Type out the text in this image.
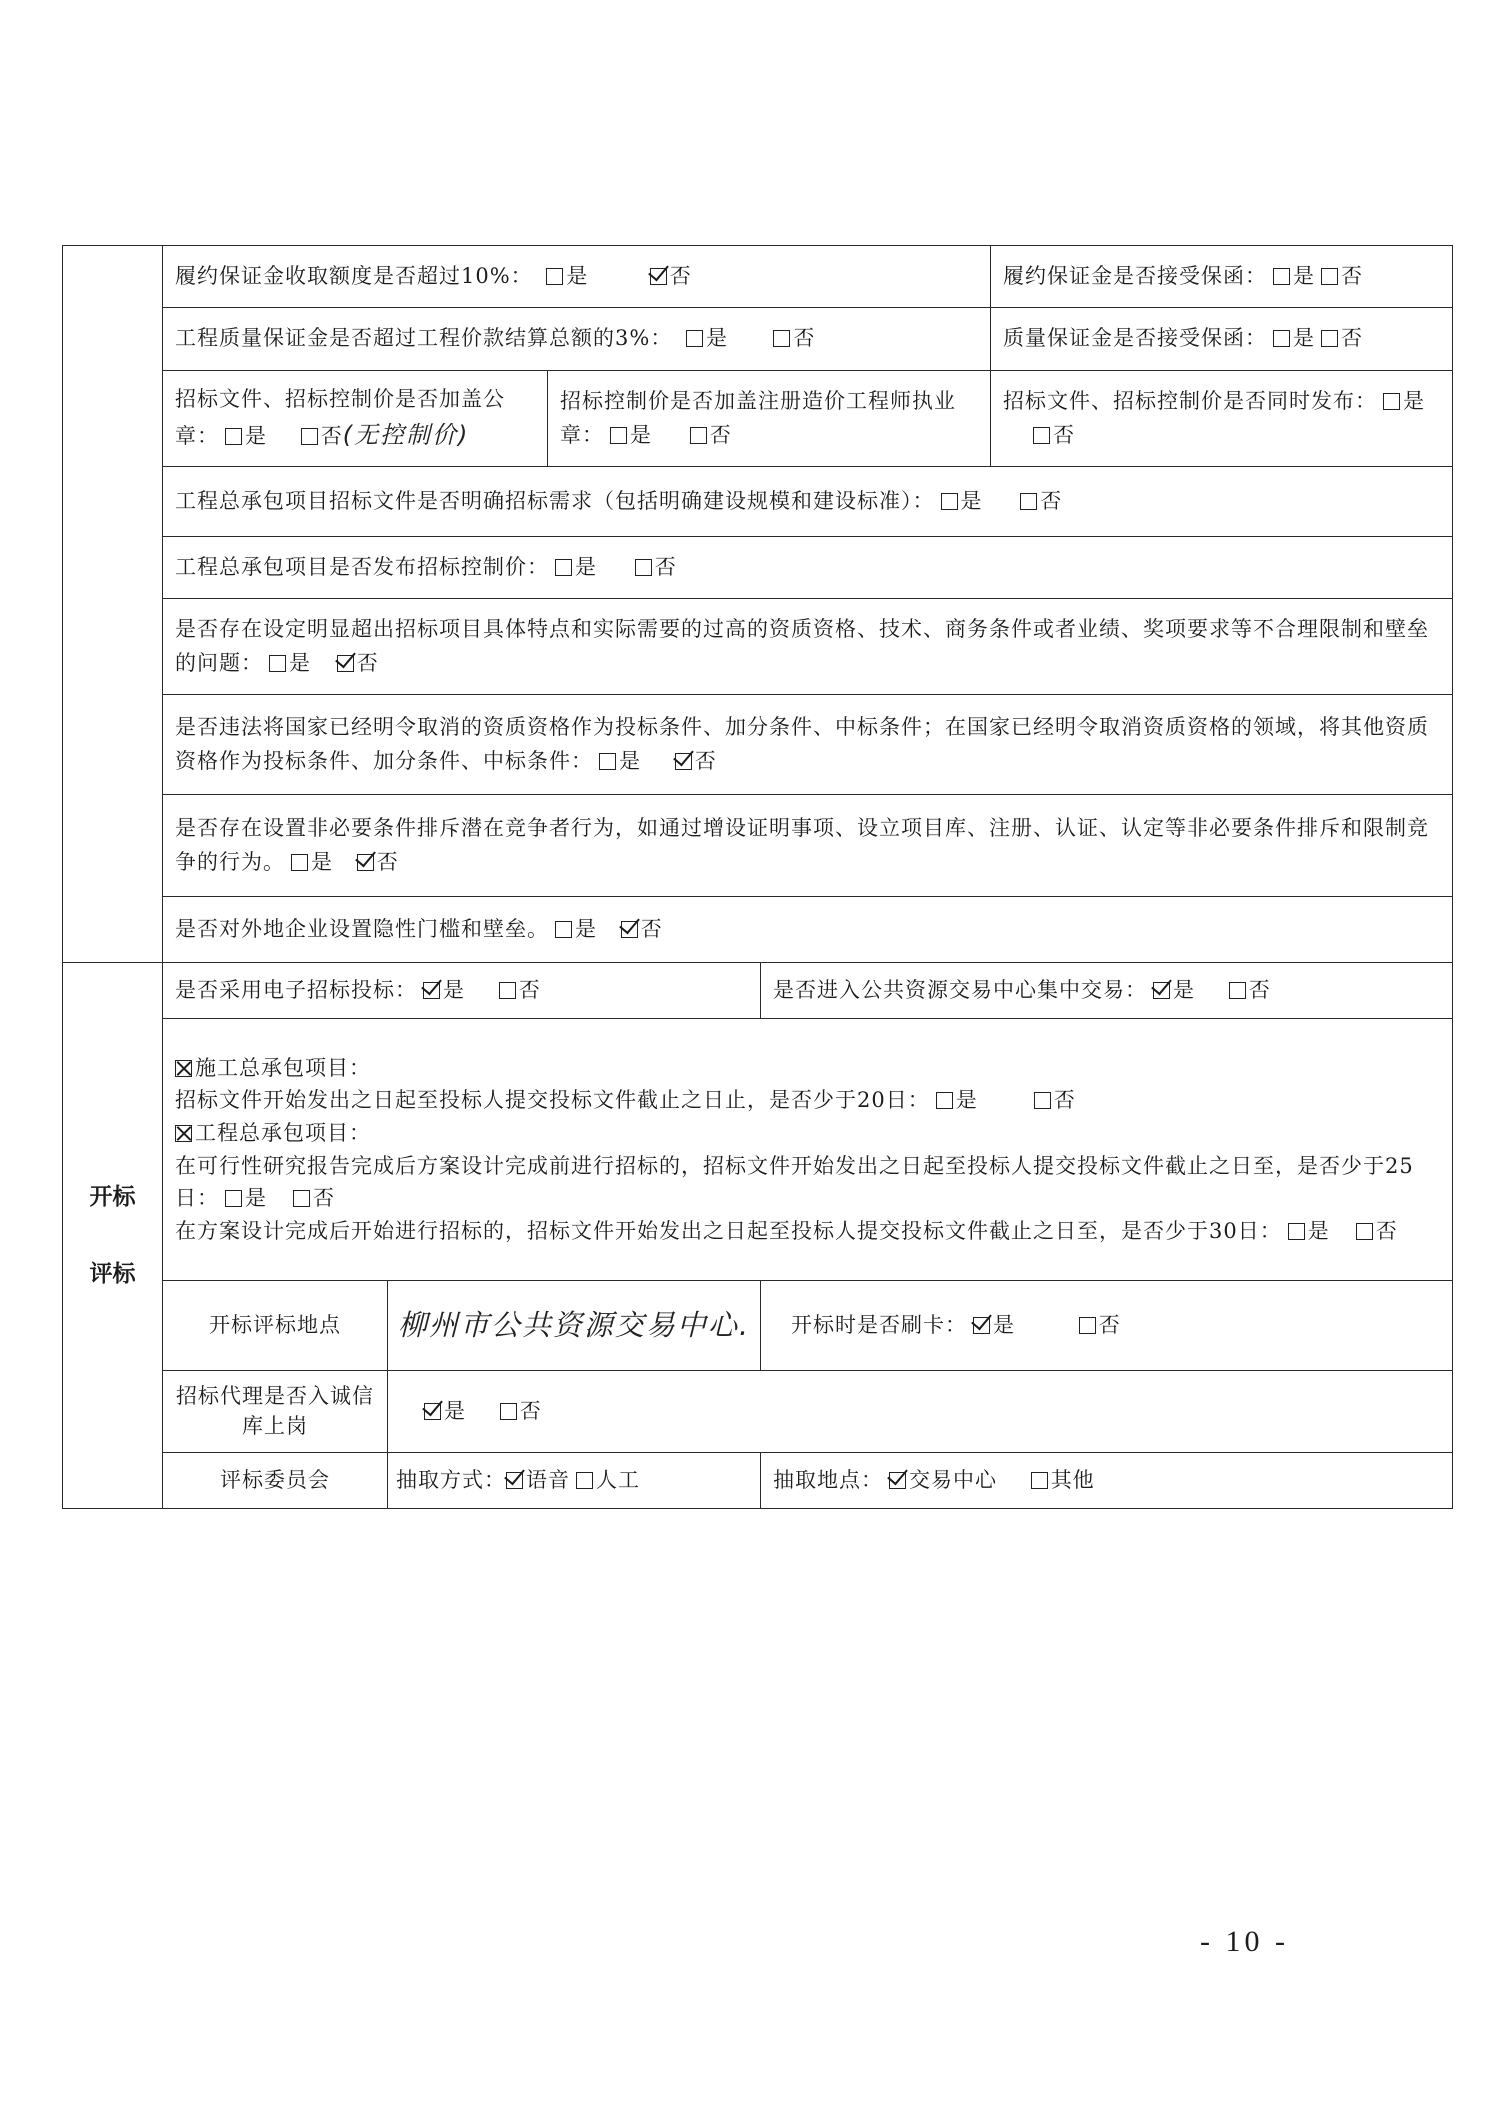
	履约保证金收取额度是否超过10%： 是 否				履约保证金是否接受保函： 是 否
	工程质量保证金是否超过工程价款结算总额的3%： 是 否				质量保证金是否接受保函： 是 否
	招标文件、招标控制价是否加盖公章： 是 否(无控制价)		招标控制价是否加盖注册造价工程师执业章： 是 否		招标文件、招标控制价是否同时发布： 是 否
	工程总承包项目招标文件是否明确招标需求（包括明确建设规模和建设标准）： 是 否				
	工程总承包项目是否发布招标控制价： 是 否				
	是否存在设定明显超出招标项目具体特点和实际需要的过高的资质资格、技术、商务条件或者业绩、奖项要求等不合理限制和壁垒的问题： 是 否				
	是否违法将国家已经明令取消的资质资格作为投标条件、加分条件、中标条件；在国家已经明令取消资质资格的领域，将其他资质资格作为投标条件、加分条件、中标条件： 是 否				
	是否存在设置非必要条件排斥潜在竞争者行为，如通过增设证明事项、设立项目库、注册、认证、认定等非必要条件排斥和限制竞争的行为。 是 否				
	是否对外地企业设置隐性门槛和壁垒。 是 否				

开标
评标	是否采用电子招标投标： 是 否			是否进入公共资源交易中心集中交易： 是 否	

	施工总承包项目：
招标文件开始发出之日起至投标人提交投标文件截止之日止，是否少于20日： 是 否
工程总承包项目：
在可行性研究报告完成后方案设计完成前进行招标的，招标文件开始发出之日起至投标人提交投标文件截止之日至，是否少于25日： 是 否
在方案设计完成后开始进行招标的，招标文件开始发出之日起至投标人提交投标文件截止之日至，是否少于30日： 是 否				

	开标评标地点	柳州市公共资源交易中心.		开标时是否刷卡： 是 否	
	招标代理是否入诚信库上岗	是 否			
	评标委员会	抽取方式： 语音 人工		抽取地点： 交易中心 其他	
- 10 -
